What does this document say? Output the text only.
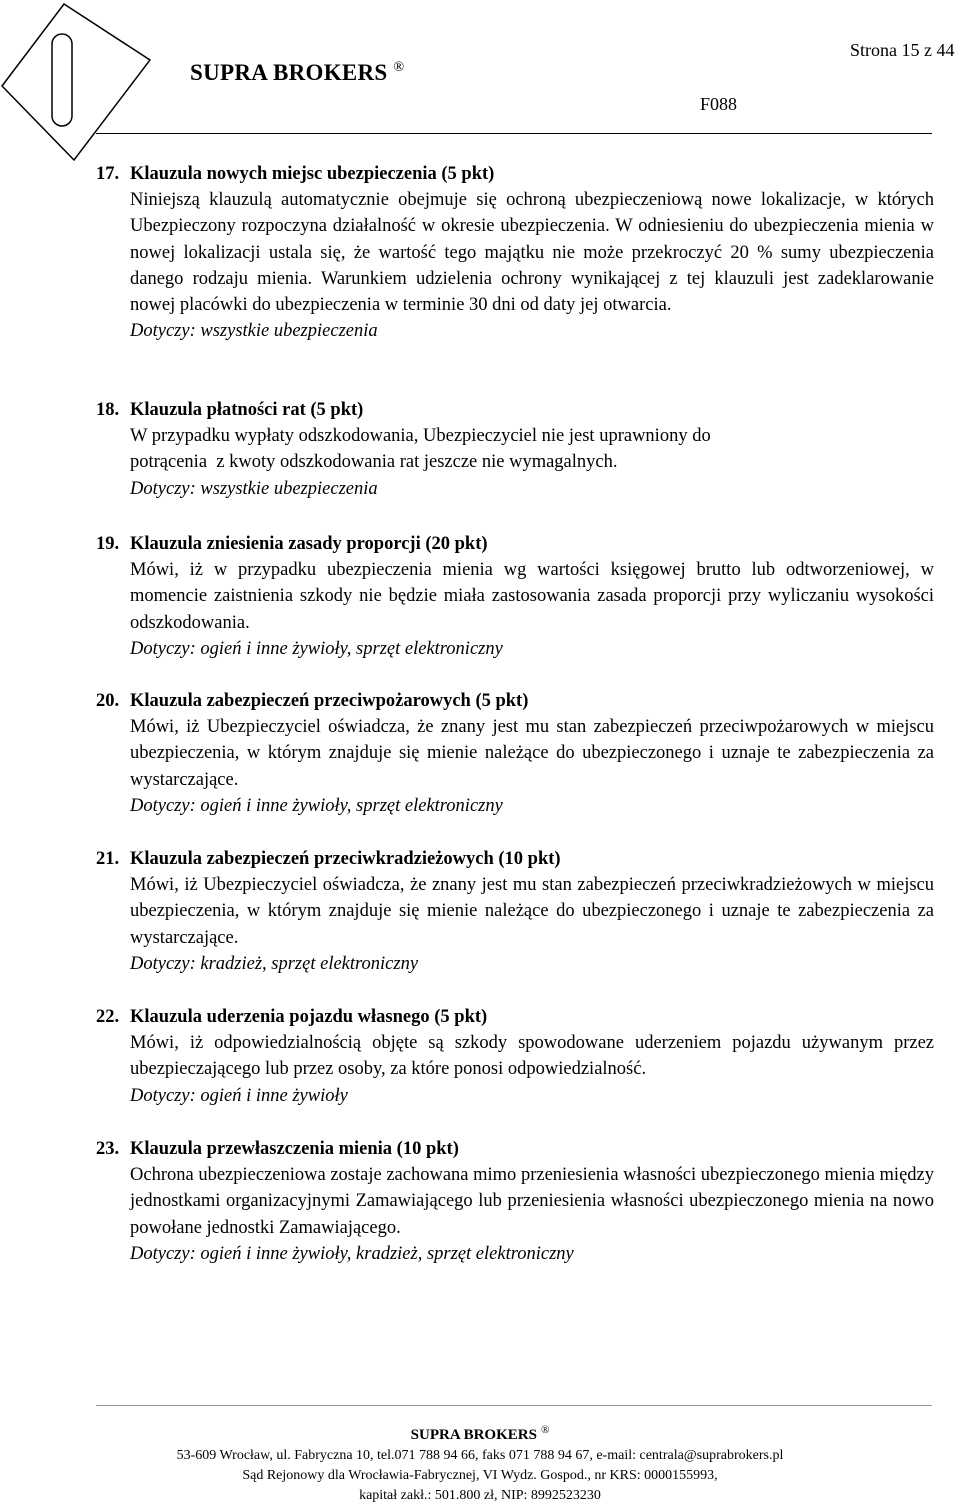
SUPRA BROKERS ®
Strona 15 z 44
F088
17. Klauzula nowych miejsc ubezpieczenia (5 pkt)

Niniejszą klauzulą automatycznie obejmuje się ochroną ubezpieczeniową nowe lokalizacje, w których Ubezpieczony rozpoczyna działalność w okresie ubezpieczenia. W odniesieniu do ubezpieczenia mienia w nowej lokalizacji ustala się, że wartość tego majątku nie może przekroczyć 20 % sumy ubezpieczenia danego rodzaju mienia. Warunkiem udzielenia ochrony wynikającej z tej klauzuli jest zadeklarowanie nowej placówki do ubezpieczenia w terminie 30 dni od daty jej otwarcia.

Dotyczy: wszystkie ubezpieczenia

18. Klauzula płatności rat (5 pkt)

W przypadku wypłaty odszkodowania, Ubezpieczyciel nie jest uprawniony do

potrącenia  z kwoty odszkodowania rat jeszcze nie wymagalnych.

Dotyczy: wszystkie ubezpieczenia

19. Klauzula zniesienia zasady proporcji (20 pkt)

Mówi, iż w przypadku ubezpieczenia mienia wg wartości księgowej brutto lub odtworzeniowej, w momencie zaistnienia szkody nie będzie miała zastosowania zasada proporcji przy wyliczaniu wysokości odszkodowania.

Dotyczy: ogień i inne żywioły, sprzęt elektroniczny

20. Klauzula zabezpieczeń przeciwpożarowych (5 pkt)

Mówi, iż Ubezpieczyciel oświadcza, że znany jest mu stan zabezpieczeń przeciwpożarowych w miejscu ubezpieczenia, w którym znajduje się mienie należące do ubezpieczonego i uznaje te zabezpieczenia za wystarczające.

Dotyczy: ogień i inne żywioły, sprzęt elektroniczny

21. Klauzula zabezpieczeń przeciwkradzieżowych (10 pkt)

Mówi, iż Ubezpieczyciel oświadcza, że znany jest mu stan zabezpieczeń przeciwkradzieżowych w miejscu ubezpieczenia, w którym znajduje się mienie należące do ubezpieczonego i uznaje te zabezpieczenia za wystarczające.

Dotyczy: kradzież, sprzęt elektroniczny

22. Klauzula uderzenia pojazdu własnego (5 pkt)

Mówi, iż odpowiedzialnością objęte są szkody spowodowane uderzeniem pojazdu używanym przez ubezpieczającego lub przez osoby, za które ponosi odpowiedzialność.

Dotyczy: ogień i inne żywioły

23. Klauzula przewłaszczenia mienia (10 pkt)

Ochrona ubezpieczeniowa zostaje zachowana mimo przeniesienia własności ubezpieczonego mienia między jednostkami organizacyjnymi Zamawiającego lub przeniesienia własności ubezpieczonego mienia na nowo powołane jednostki Zamawiającego.

Dotyczy: ogień i inne żywioły, kradzież, sprzęt elektroniczny

SUPRA BROKERS ®
53-609 Wrocław, ul. Fabryczna 10, tel.071 788 94 66, faks 071 788 94 67, e-mail: centrala@suprabrokers.pl
Sąd Rejonowy dla Wrocławia-Fabrycznej, VI Wydz. Gospod., nr KRS: 0000155993,
kapitał zakł.: 501.800 zł, NIP: 8992523230
